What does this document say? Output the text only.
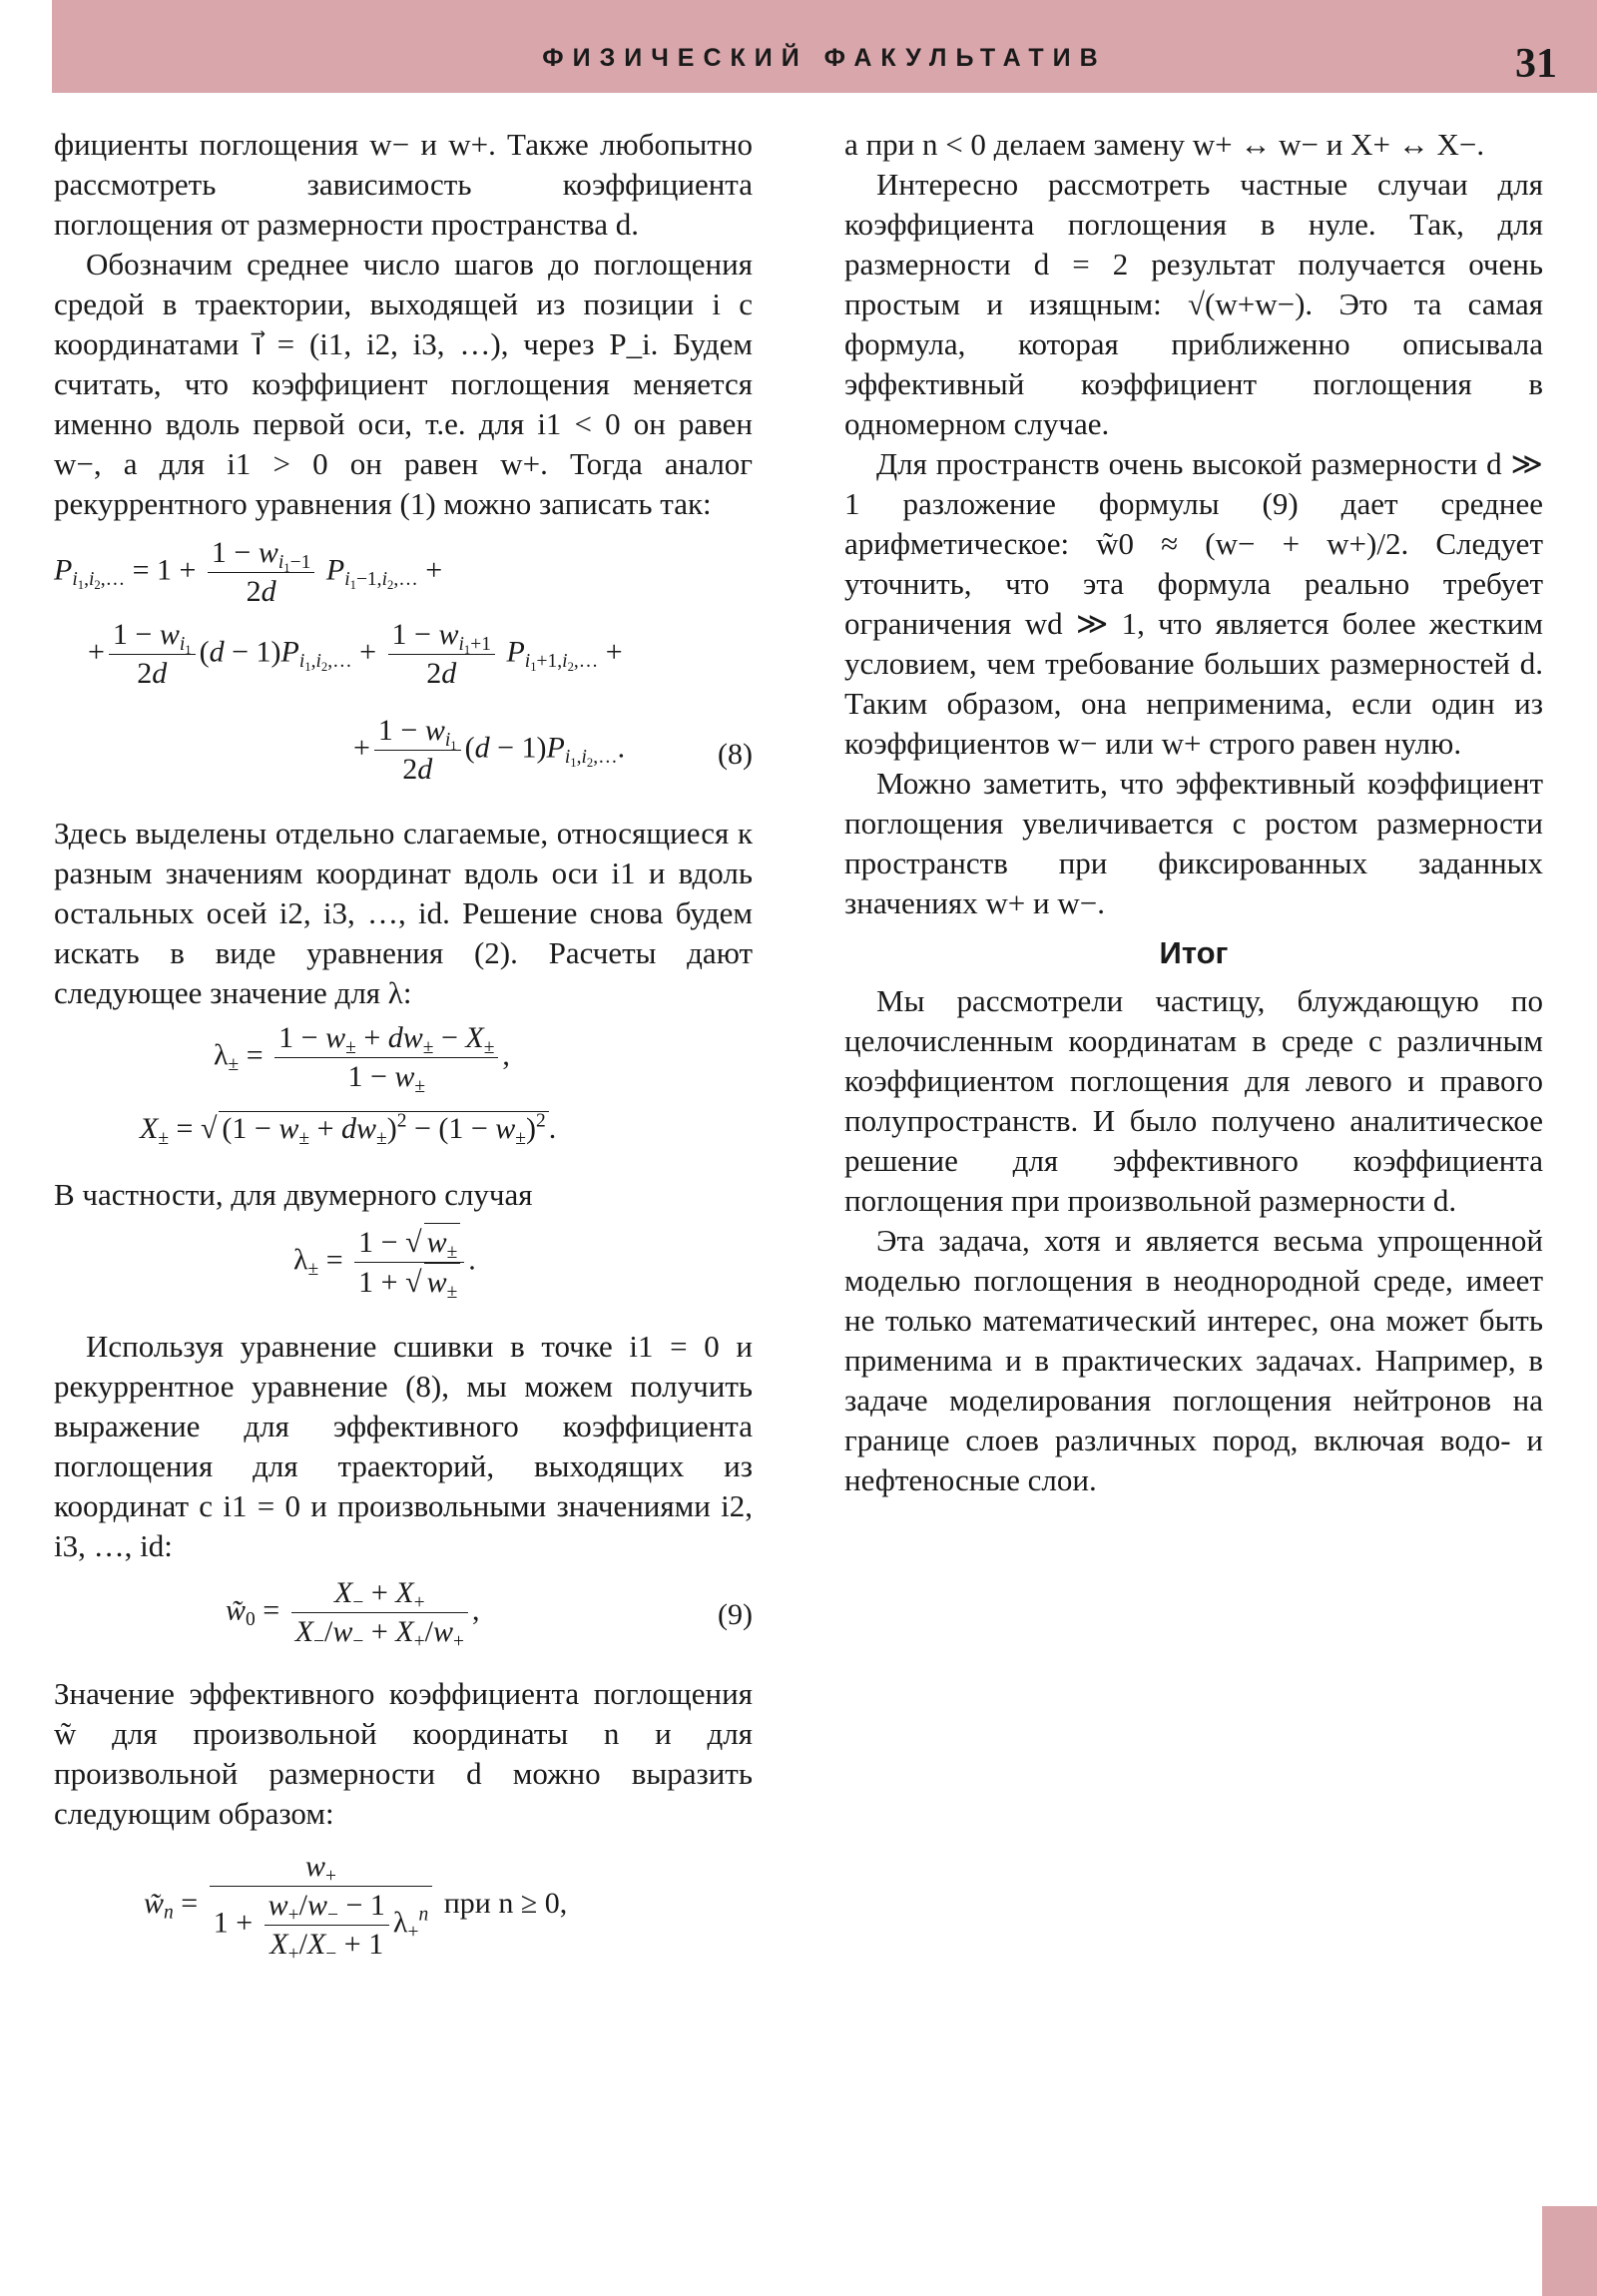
ФИЗИЧЕСКИЙ ФАКУЛЬТАТИВ	31

фициенты поглощения w− и w+. Также любопытно рассмотреть зависимость коэффициента поглощения от размерности пространства d.

Обозначим среднее число шагов до поглощения средой в траектории, выходящей из позиции i с координатами i⃗ = (i1, i2, i3, …), через P_i. Будем считать, что коэффициент поглощения меняется именно вдоль первой оси, т.е. для i1 < 0 он равен w−, а для i1 > 0 он равен w+. Тогда аналог рекуррентного уравнения (1) можно записать так:

$P_{i_1,i_2,\dots} = 1 + \frac{1 - w_{i_1-1}}{2d} P_{i_1-1,i_2,\dots}$ +
+ $\frac{1 - w_{i_1}}{2d} (d - 1)P_{i_1,i_2,\dots} + \frac{1 - w_{i_1+1}}{2d} P_{i_1+1,i_2,\dots}$ +
+ $\frac{1 - w_{i_1}}{2d} (d - 1)P_{i_1,i_2,\dots}$.	(8)

Здесь выделены отдельно слагаемые, относящиеся к разным значениям координат вдоль оси i1 и вдоль остальных осей i2, i3, …, id. Решение снова будем искать в виде уравнения (2). Расчеты дают следующее значение для λ:

$\lambda_\pm = \frac{1 - w_\pm + dw_\pm - X_\pm}{1 - w_\pm}$ ,
$X_\pm$ = √ $(1 - w_\pm + dw_\pm)^2 - (1 - w_\pm)^2$ .

В частности, для двумерного случая

$\lambda_\pm = \frac{1 - √ w_\pm}{1 + √ w_\pm}$ .

Используя уравнение сшивки в точке i1 = 0 и рекуррентное уравнение (8), мы можем получить выражение для эффективного коэффициента поглощения для траекторий, выходящих из координат с i1 = 0 и произвольными значениями i2, i3, …, id:

$w̃_0 = \frac{X_- + X_+}{X_-/w_- + X_+/w_+}$ ,	(9)

Значение эффективного коэффициента поглощения w̃ для произвольной координаты n и для произвольной размерности d можно выразить следующим образом:

$w̃_n = \frac{w_+}{1 + \frac{w_+/w_- - 1}{X_+/X_- + 1} \lambda_+^n}$ при n ≥ 0,

а при n < 0 делаем замену w+ ↔ w− и X+ ↔ X−.

Интересно рассмотреть частные случаи для коэффициента поглощения в нуле. Так, для размерности d = 2 результат получается очень простым и изящным: √(w+w−). Это та самая формула, которая приближенно описывала эффективный коэффициент поглощения в одномерном случае.

Для пространств очень высокой размерности d ≫ 1 разложение формулы (9) дает среднее арифметическое: w̃0 ≈ (w− + w+)/2. Следует уточнить, что эта формула реально требует ограничения wd ≫ 1, что является более жестким условием, чем требование больших размерностей d. Таким образом, она неприменима, если один из коэффициентов w− или w+ строго равен нулю.

Можно заметить, что эффективный коэффициент поглощения увеличивается с ростом размерности пространств при фиксированных заданных значениях w+ и w−.

Итог

Мы рассмотрели частицу, блуждающую по целочисленным координатам в среде с различным коэффициентом поглощения для левого и правого полупространств. И было получено аналитическое решение для эффективного коэффициента поглощения при произвольной размерности d.

Эта задача, хотя и является весьма упрощенной моделью поглощения в неоднородной среде, имеет не только математический интерес, она может быть применима и в практических задачах. Например, в задаче моделирования поглощения нейтронов на границе слоев различных пород, включая водо- и нефтеносные слои.
